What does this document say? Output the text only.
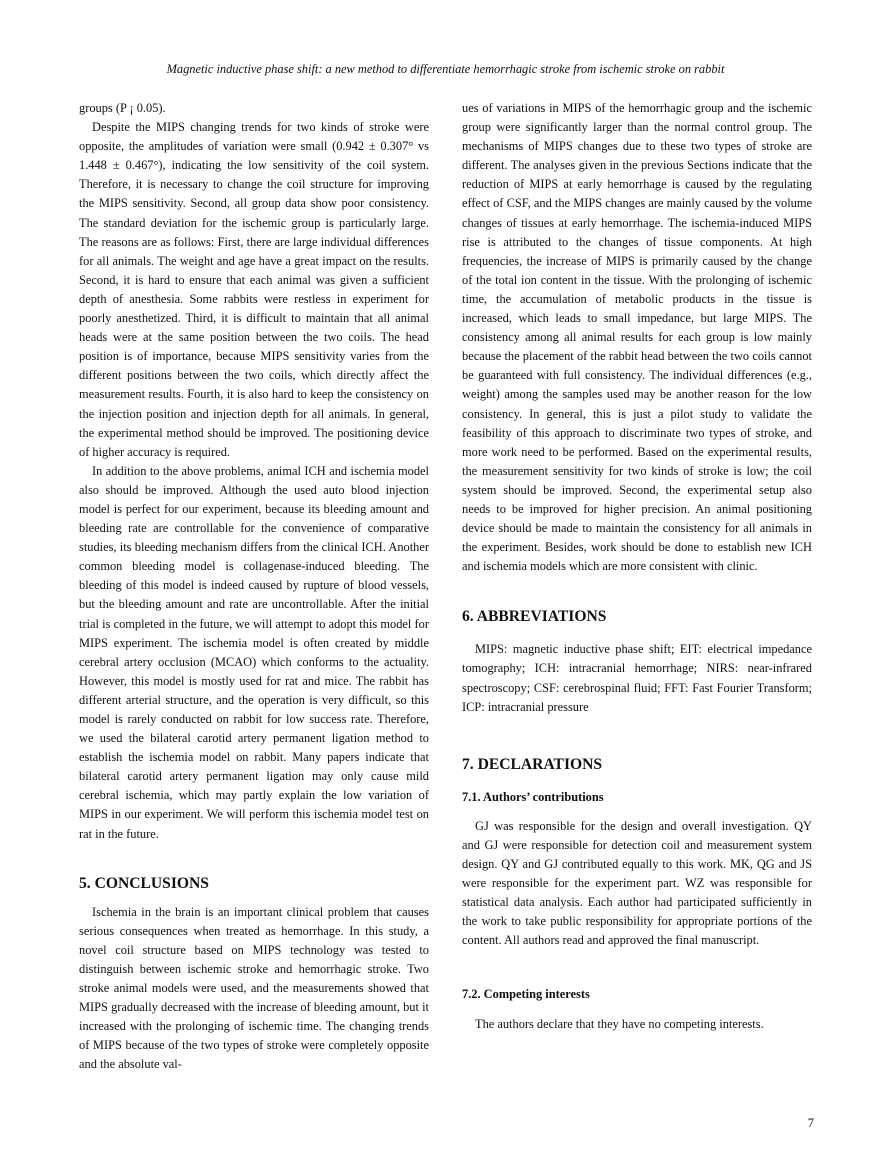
Magnetic inductive phase shift: a new method to differentiate hemorrhagic stroke from ischemic stroke on rabbit

groups (P ¡ 0.05).

Despite the MIPS changing trends for two kinds of stroke were opposite, the amplitudes of variation were small (0.942 ± 0.307° vs 1.448 ± 0.467°), indicating the low sensitivity of the coil system. Therefore, it is necessary to change the coil structure for improving the MIPS sensitivity. Second, all group data show poor consistency. The standard deviation for the ischemic group is particularly large. The reasons are as follows: First, there are large individual differences for all animals. The weight and age have a great impact on the results. Second, it is hard to ensure that each animal was given a sufficient depth of anesthesia. Some rabbits were restless in experiment for poorly anesthetized. Third, it is difficult to maintain that all animal heads were at the same position between the two coils. The head position is of importance, because MIPS sensitivity varies from the different positions between the two coils, which directly affect the measurement results. Fourth, it is also hard to keep the consistency on the injection position and injection depth for all animals. In general, the experimental method should be improved. The positioning device of higher accuracy is required.

In addition to the above problems, animal ICH and ischemia model also should be improved. Although the used auto blood injection model is perfect for our experiment, because its bleeding amount and bleeding rate are controllable for the convenience of comparative studies, its bleeding mechanism differs from the clinical ICH. Another common bleeding model is collagenase-induced bleeding. The bleeding of this model is indeed caused by rupture of blood vessels, but the bleeding amount and rate are uncontrollable. After the initial trial is completed in the future, we will attempt to adopt this model for MIPS experiment. The ischemia model is often created by middle cerebral artery occlusion (MCAO) which conforms to the actuality. However, this model is mostly used for rat and mice. The rabbit has different arterial structure, and the operation is very difficult, so this model is rarely conducted on rabbit for low success rate. Therefore, we used the bilateral carotid artery permanent ligation method to establish the ischemia model on rabbit. Many papers indicate that bilateral carotid artery permanent ligation may only cause mild cerebral ischemia, which may partly explain the low variation of MIPS in our experiment. We will perform this ischemia model test on rat in the future.

5. CONCLUSIONS

Ischemia in the brain is an important clinical problem that causes serious consequences when treated as hemorrhage. In this study, a novel coil structure based on MIPS technology was tested to distinguish between ischemic stroke and hemorrhagic stroke. Two stroke animal models were used, and the measurements showed that MIPS gradually decreased with the increase of bleeding amount, but it increased with the prolonging of ischemic time. The changing trends of MIPS because of the two types of stroke were completely opposite and the absolute val-

ues of variations in MIPS of the hemorrhagic group and the ischemic group were significantly larger than the normal control group. The mechanisms of MIPS changes due to these two types of stroke are different. The analyses given in the previous Sections indicate that the reduction of MIPS at early hemorrhage is caused by the regulating effect of CSF, and the MIPS changes are mainly caused by the volume changes of tissues at early hemorrhage. The ischemia-induced MIPS rise is attributed to the changes of tissue components. At high frequencies, the increase of MIPS is primarily caused by the change of the total ion content in the tissue. With the prolonging of ischemic time, the accumulation of metabolic products in the tissue is increased, which leads to small impedance, but large MIPS. The consistency among all animal results for each group is low mainly because the placement of the rabbit head between the two coils cannot be guaranteed with full consistency. The individual differences (e.g., weight) among the samples used may be another reason for the low consistency. In general, this is just a pilot study to validate the feasibility of this approach to discriminate two types of stroke, and more work need to be performed. Based on the experimental results, the measurement sensitivity for two kinds of stroke is low; the coil system should be improved. Second, the experimental setup also needs to be improved for higher precision. An animal positioning device should be made to maintain the consistency for all animals in the experiment. Besides, work should be done to establish new ICH and ischemia models which are more consistent with clinic.

6. ABBREVIATIONS

MIPS: magnetic inductive phase shift; EIT: electrical impedance tomography; ICH: intracranial hemorrhage; NIRS: near-infrared spectroscopy; CSF: cerebrospinal fluid; FFT: Fast Fourier Transform; ICP: intracranial pressure

7. DECLARATIONS
7.1. Authors’ contributions

GJ was responsible for the design and overall investigation. QY and GJ were responsible for detection coil and measurement system design. QY and GJ contributed equally to this work. MK, QG and JS were responsible for the experiment part. WZ was responsible for statistical data analysis. Each author had participated sufficiently in the work to take public responsibility for appropriate portions of the content. All authors read and approved the final manuscript.

7.2. Competing interests

The authors declare that they have no competing interests.

7
